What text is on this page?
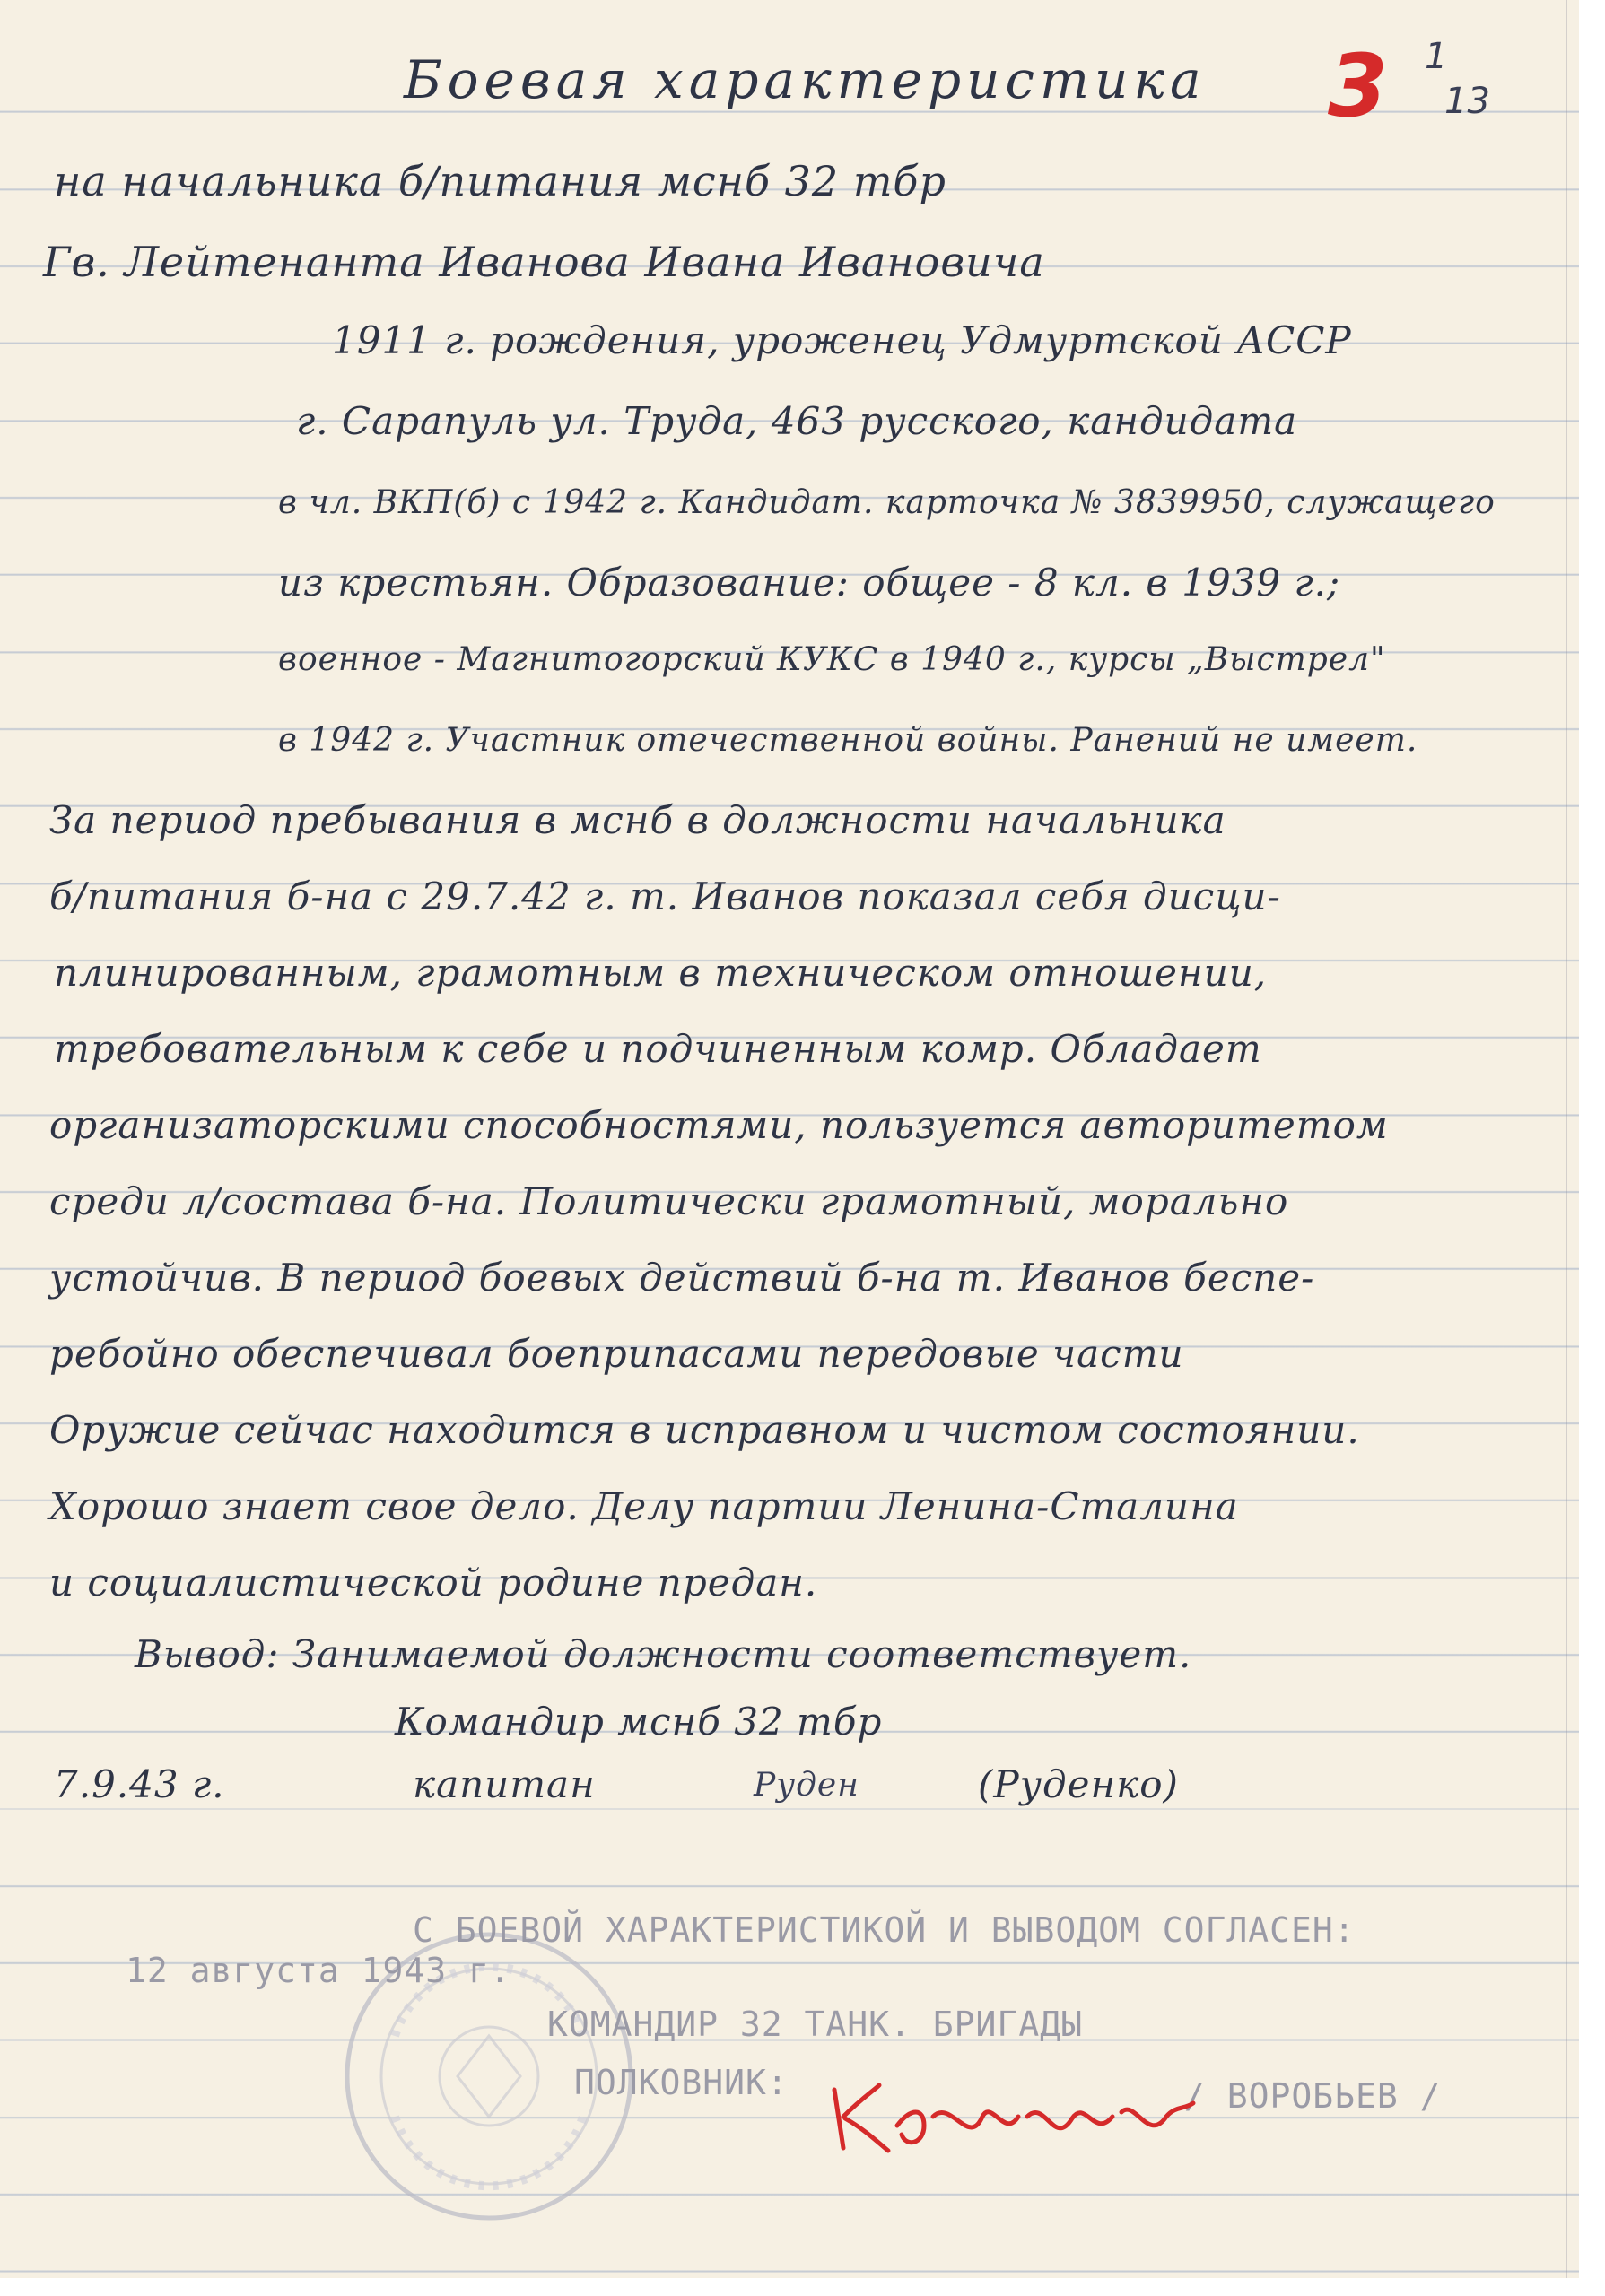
Боевая характеристика 3 1
13
на начальника б/питания мснб 32 тбр
Гв. Лейтенанта Иванова Ивана Ивановича
1911 г. рождения, уроженец Удмуртской АССР
г. Сарапуль ул. Труда, 463 русского, кандидата
в чл. ВКП(б) с 1942 г. Кандидат. карточка № 3839950, служащего
из крестьян. Образование: общее - 8 кл. в 1939 г.;
военное - Магнитогорский КУКС в 1940 г., курсы „Выстрел"
в 1942 г. Участник отечественной войны. Ранений не имеет.
За период пребывания в мснб в должности начальника
б/питания б-на с 29.7.42 г. т. Иванов показал себя дисци-
плинированным, грамотным в техническом отношении,
требовательным к себе и подчиненным комр. Обладает
организаторскими способностями, пользуется авторитетом
среди л/состава б-на. Политически грамотный, морально
устойчив. В период боевых действий б-на т. Иванов беспе-
ребойно обеспечивал боеприпасами передовые части
Оружие сейчас находится в исправном и чистом состоянии.
Хорошо знает свое дело. Делу партии Ленина-Сталина
и социалистической родине предан.
Вывод: Занимаемой должности соответствует.
Командир мснб 32 тбр
7.9.43 г.	капитан	Руден	(Руденко)
С БОЕВОЙ ХАРАКТЕРИСТИКОЙ И ВЫВОДОМ СОГЛАСЕН:
12 августа 1943 г.
КОМАНДИР 32 ТАНК. БРИГАДЫ
ПОЛКОВНИК:	/ ВОРОБЬЕВ /
